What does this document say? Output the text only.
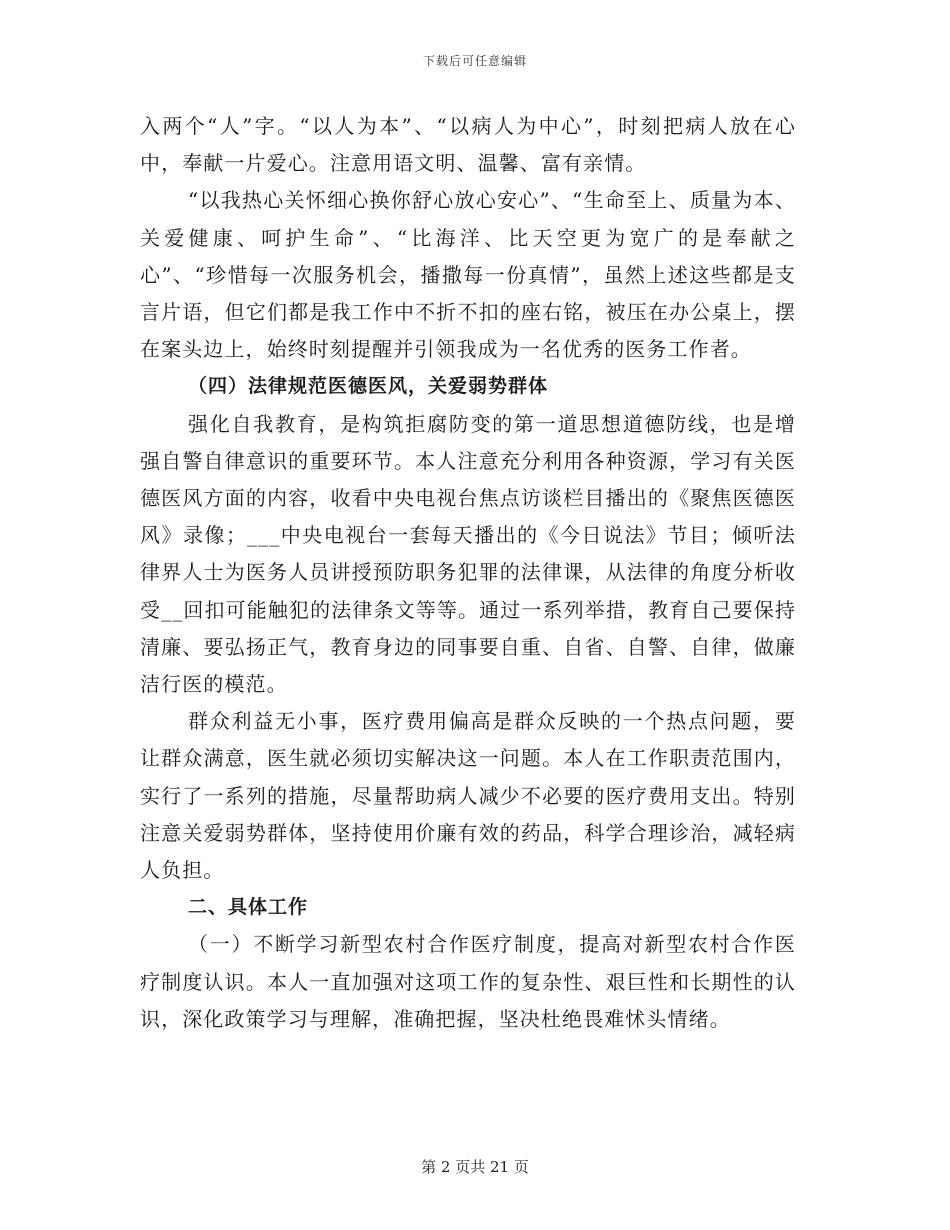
下载后可任意编辑

入两个“人”字。“以人为本”、“以病人为中心”，时刻把病人放在心中，奉献一片爱心。注意用语文明、温馨、富有亲情。

“以我热心关怀细心换你舒心放心安心”、“生命至上、质量为本、关爱健康、呵护生命”、“比海洋、比天空更为宽广的是奉献之心”、“珍惜每一次服务机会，播撒每一份真情”，虽然上述这些都是支言片语，但它们都是我工作中不折不扣的座右铭，被压在办公桌上，摆在案头边上，始终时刻提醒并引领我成为一名优秀的医务工作者。

（四）法律规范医德医风，关爱弱势群体

强化自我教育，是构筑拒腐防变的第一道思想道德防线，也是增强自警自律意识的重要环节。本人注意充分利用各种资源，学习有关医德医风方面的内容，收看中央电视台焦点访谈栏目播出的《聚焦医德医风》录像；___中央电视台一套每天播出的《今日说法》节目；倾听法律界人士为医务人员讲授预防职务犯罪的法律课，从法律的角度分析收受__回扣可能触犯的法律条文等等。通过一系列举措，教育自己要保持清廉、要弘扬正气，教育身边的同事要自重、自省、自警、自律，做廉洁行医的模范。

群众利益无小事，医疗费用偏高是群众反映的一个热点问题，要让群众满意，医生就必须切实解决这一问题。本人在工作职责范围内，实行了一系列的措施，尽量帮助病人减少不必要的医疗费用支出。特别注意关爱弱势群体，坚持使用价廉有效的药品，科学合理诊治，减轻病人负担。

二、具体工作

（一）不断学习新型农村合作医疗制度，提高对新型农村合作医疗制度认识。本人一直加强对这项工作的复杂性、艰巨性和长期性的认识，深化政策学习与理解，准确把握，坚决杜绝畏难怵头情绪。

第 2 页共 21 页
